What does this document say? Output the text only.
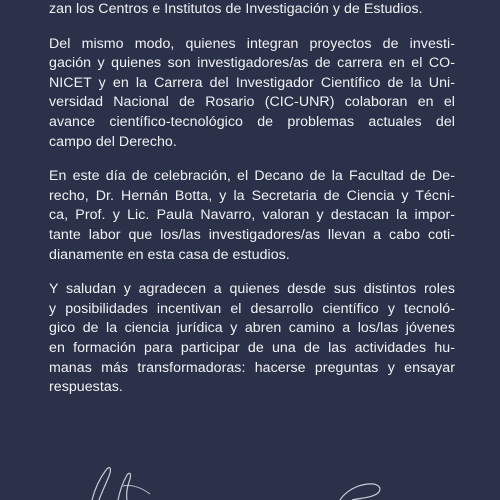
zan los Centros e Institutos de Investigación y de Estudios.
Del mismo modo, quienes integran proyectos de investi-
gación y quienes son investigadores/as de carrera en el CO-
NICET y en la Carrera del Investigador Científico de la Uni-
versidad Nacional de Rosario (CIC-UNR) colaboran en el
avance científico-tecnológico de problemas actuales del
campo del Derecho.
En este día de celebración, el Decano de la Facultad de De-
recho, Dr. Hernán Botta, y la Secretaria de Ciencia y Técni-
ca, Prof. y Lic. Paula Navarro, valoran y destacan la impor-
tante labor que los/las investigadores/as llevan a cabo coti-
dianamente en esta casa de estudios.
Y saludan y agradecen a quienes desde sus distintos roles
y posibilidades incentivan el desarrollo científico y tecnoló-
gico de la ciencia jurídica y abren camino a los/las jóvenes
en formación para participar de una de las actividades hu-
manas más transformadoras: hacerse preguntas y ensayar
respuestas.
